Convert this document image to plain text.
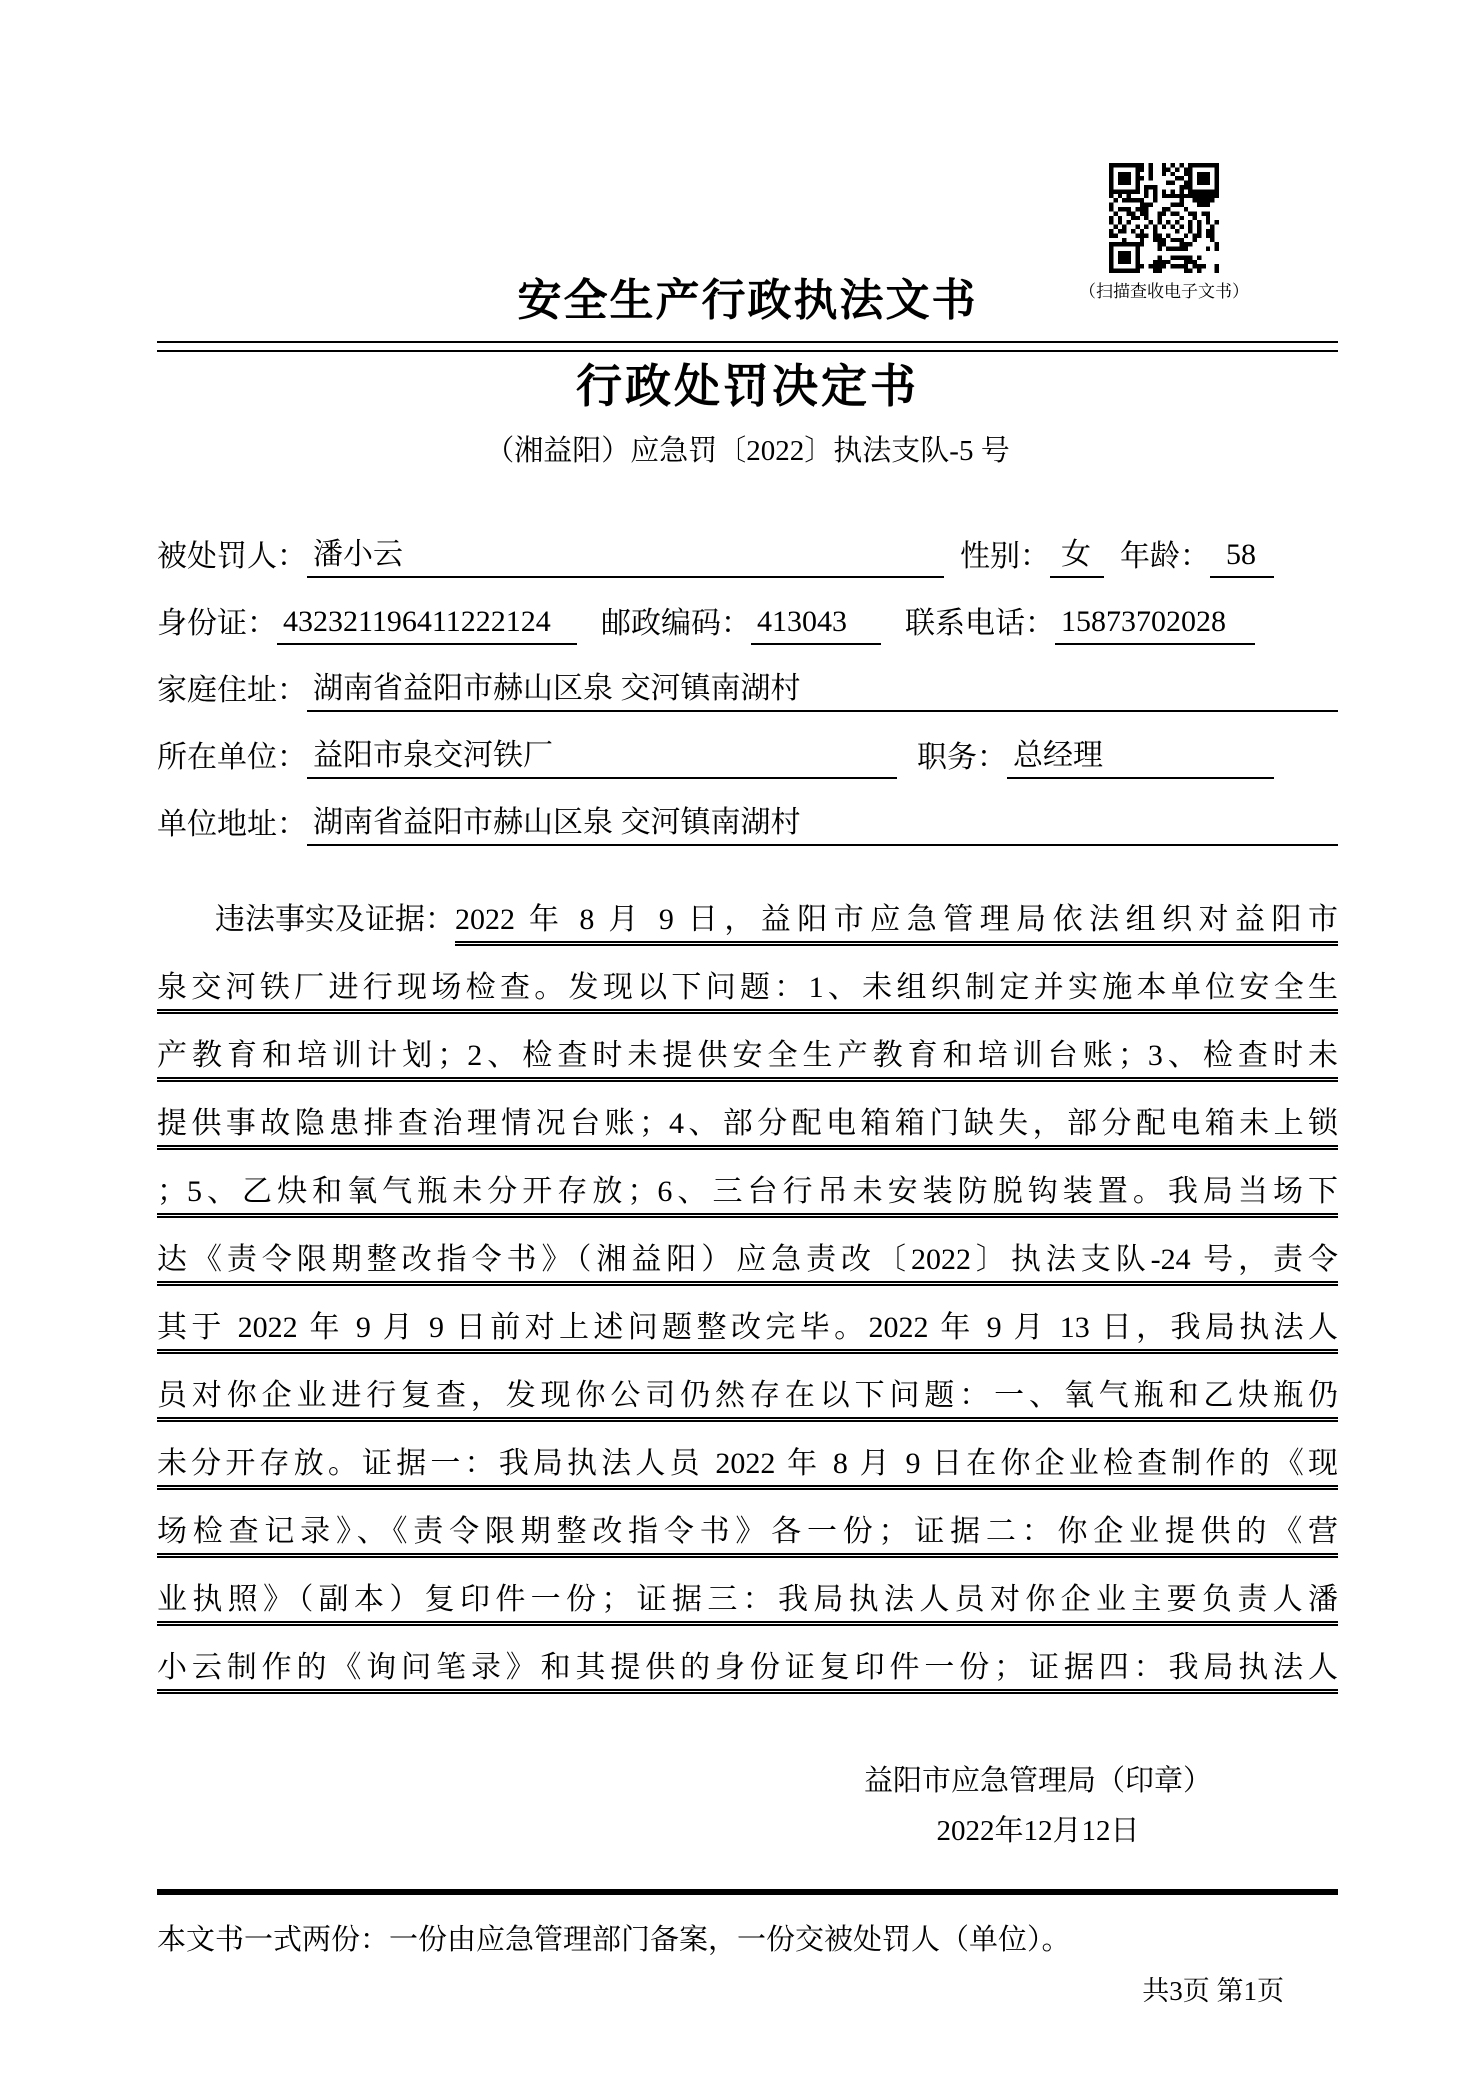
（扫描查收电子文书）
安全生产行政执法文书
行政处罚决定书
（湘益阳）应急罚〔2022〕执法支队-5 号
被处罚人： 潘小云	性别： 女 年龄： 58
身份证： 432321196411222124	邮政编码： 413043	联系电话： 15873702028
家庭住址： 湖南省益阳市赫山区泉 交河镇南湖村
所在单位： 益阳市泉交河铁厂	职务： 总经理
单位地址： 湖南省益阳市赫山区泉 交河镇南湖村
违法事实及证据： 2022 年 8 月 9 日，益阳市应急管理局依法组织对益阳市
泉交河铁厂进行现场检查。发现以下问题：1、未组织制定并实施本单位安全生
产教育和培训计划；2、检查时未提供安全生产教育和培训台账；3、检查时未
提供事故隐患排查治理情况台账；4、部分配电箱箱门缺失，部分配电箱未上锁
；5、乙炔和氧气瓶未分开存放；6、三台行吊未安装防脱钩装置。我局当场下
达《责令限期整改指令书》（湘益阳）应急责改〔2022〕执法支队-24 号，责令
其于 2022 年 9 月 9 日前对上述问题整改完毕。2022 年 9 月 13 日，我局执法人
员对你企业进行复查，发现你公司仍然存在以下问题：一、氧气瓶和乙炔瓶仍
未分开存放。证据一：我局执法人员 2022 年 8 月 9 日在你企业检查制作的《现
场检查记录》、《责令限期整改指令书》各一份；证据二：你企业提供的《营
业执照》（副本）复印件一份；证据三：我局执法人员对你企业主要负责人潘
小云制作的《询问笔录》和其提供的身份证复印件一份；证据四：我局执法人
益阳市应急管理局（印章）
2022年12月12日
本文书一式两份：一份由应急管理部门备案，一份交被处罚人（单位）。
共3页 第1页
